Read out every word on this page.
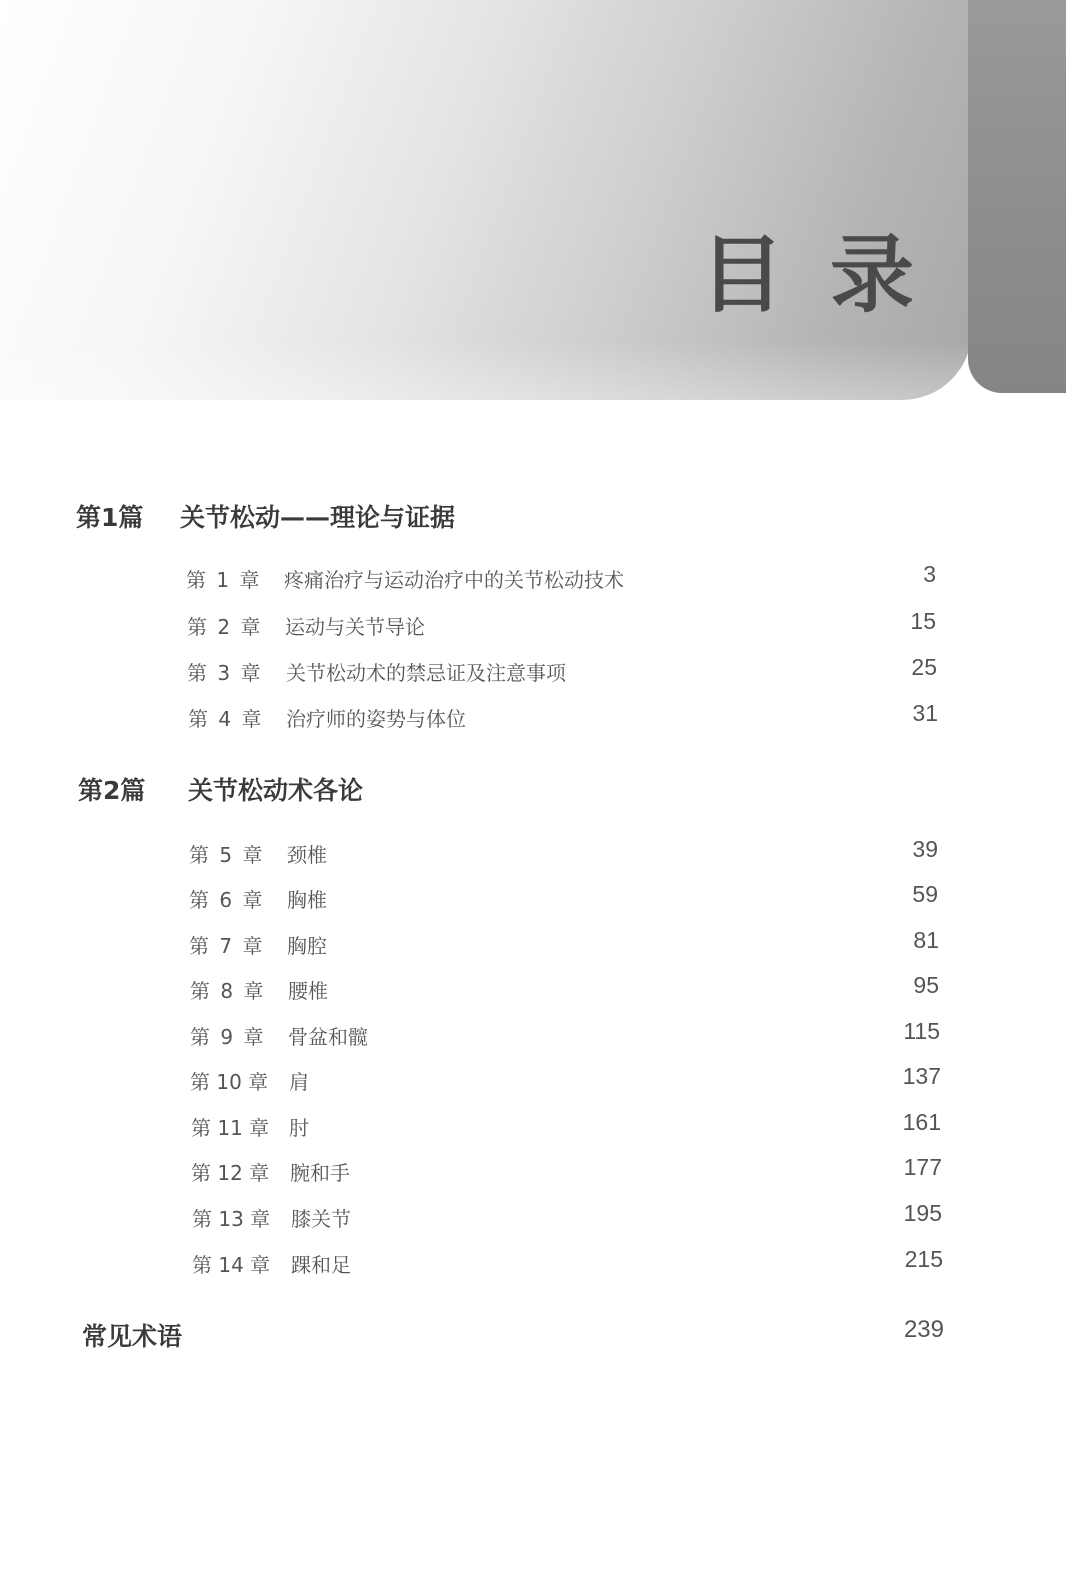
目录
第1篇 关节松动——理论与证据
第 1 章 疼痛治疗与运动治疗中的关节松动技术	3
第 2 章 运动与关节导论	15
第 3 章 关节松动术的禁忌证及注意事项	25
第 4 章 治疗师的姿势与体位	31
第2篇 关节松动术各论
第 5 章 颈椎	39
第 6 章 胸椎	59
第 7 章 胸腔	81
第 8 章 腰椎	95
第 9 章 骨盆和髋	115
第 10 章 肩	137
第 11 章 肘	161
第 12 章 腕和手	177
第 13 章 膝关节	195
第 14 章 踝和足	215
常见术语	239
